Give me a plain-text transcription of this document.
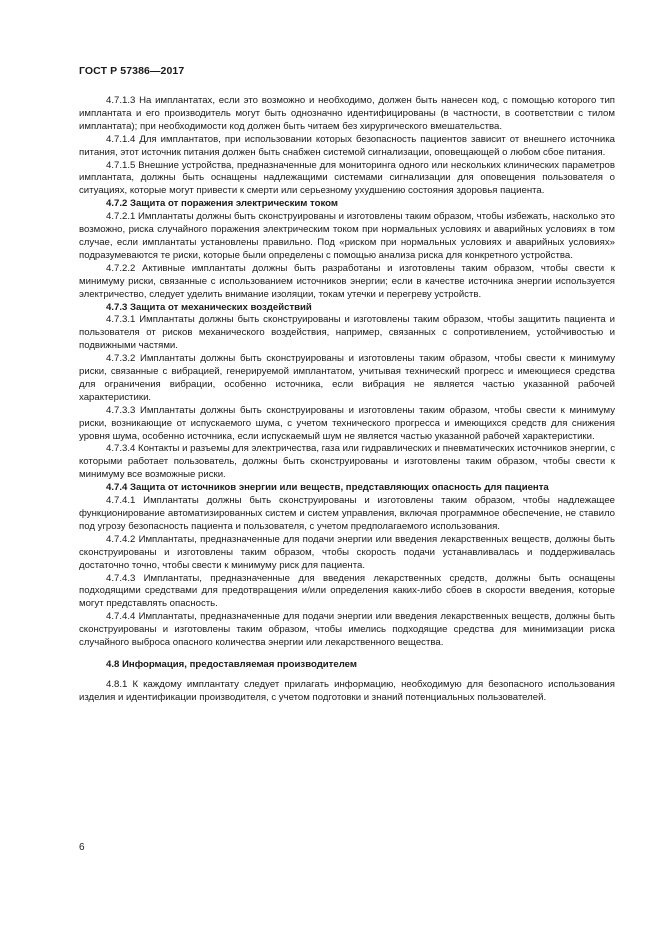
ГОСТ Р 57386—2017

4.7.1.3 На имплантатах, если это возможно и необходимо, должен быть нанесен код, с помощью которого тип имплантата и его производитель могут быть однозначно идентифицированы (в частности, в соответствии с тилом имплантата); при необходимости код должен быть читаем без хирургического вмешательства.

4.7.1.4 Для имплантатов, при использовании которых безопасность пациентов зависит от внешнего источника питания, этот источник питания должен быть снабжен системой сигнализации, оповещающей о любом сбое питания.

4.7.1.5 Внешние устройства, предназначенные для мониторинга одного или нескольких клинических параметров имплантата, должны быть оснащены надлежащими системами сигнализации для оповещения пользователя о ситуациях, которые могут привести к смерти или серьезному ухудшению состояния здоровья пациента.

4.7.2 Защита от поражения электрическим током

4.7.2.1 Имплантаты должны быть сконструированы и изготовлены таким образом, чтобы избежать, насколько это возможно, риска случайного поражения электрическим током при нормальных условиях и аварийных условиях в том случае, если имплантаты установлены правильно. Под «риском при нормальных условиях и аварийных условиях» подразумеваются те риски, которые были определены с помощью анализа риска для конкретного устройства.

4.7.2.2 Активные имплантаты должны быть разработаны и изготовлены таким образом, чтобы свести к минимуму риски, связанные с использованием источников энергии; если в качестве источника энергии используется электричество, следует уделить внимание изоляции, токам утечки и перегреву устройств.

4.7.3 Защита от механических воздействий

4.7.3.1 Имплантаты должны быть сконструированы и изготовлены таким образом, чтобы защитить пациента и пользователя от рисков механического воздействия, например, связанных с сопротивлением, устойчивостью и подвижными частями.

4.7.3.2 Имплантаты должны быть сконструированы и изготовлены таким образом, чтобы свести к минимуму риски, связанные с вибрацией, генерируемой имплантатом, учитывая технический прогресс и имеющиеся средства для ограничения вибрации, особенно источника, если вибрация не является частью указанной рабочей характеристики.

4.7.3.3 Имплантаты должны быть сконструированы и изготовлены таким образом, чтобы свести к минимуму риски, возникающие от испускаемого шума, с учетом технического прогресса и имеющихся средств для снижения уровня шума, особенно источника, если испускаемый шум не является частью указанной рабочей характеристики.

4.7.3.4 Контакты и разъемы для электричества, газа или гидравлических и пневматических источников энергии, с которыми работает пользователь, должны быть сконструированы и изготовлены таким образом, чтобы свести к минимуму все возможные риски.

4.7.4 Защита от источников энергии или веществ, представляющих опасность для пациента

4.7.4.1 Имплантаты должны быть сконструированы и изготовлены таким образом, чтобы надлежащее функционирование автоматизированных систем и систем управления, включая программное обеспечение, не ставило под угрозу безопасность пациента и пользователя, с учетом предполагаемого использования.

4.7.4.2 Имплантаты, предназначенные для подачи энергии или введения лекарственных веществ, должны быть сконструированы и изготовлены таким образом, чтобы скорость подачи устанавливалась и поддерживалась достаточно точно, чтобы свести к минимуму риск для пациента.

4.7.4.3 Имплантаты, предназначенные для введения лекарственных средств, должны быть оснащены подходящими средствами для предотвращения и/или определения каких-либо сбоев в скорости введения, которые могут представлять опасность.

4.7.4.4 Имплантаты, предназначенные для подачи энергии или введения лекарственных веществ, должны быть сконструированы и изготовлены таким образом, чтобы имелись подходящие средства для минимизации риска случайного выброса опасного количества энергии или лекарственного вещества.

4.8 Информация, предоставляемая производителем

4.8.1 К каждому имплантату следует прилагать информацию, необходимую для безопасного использования изделия и идентификации производителя, с учетом подготовки и знаний потенциальных пользователей.

6
